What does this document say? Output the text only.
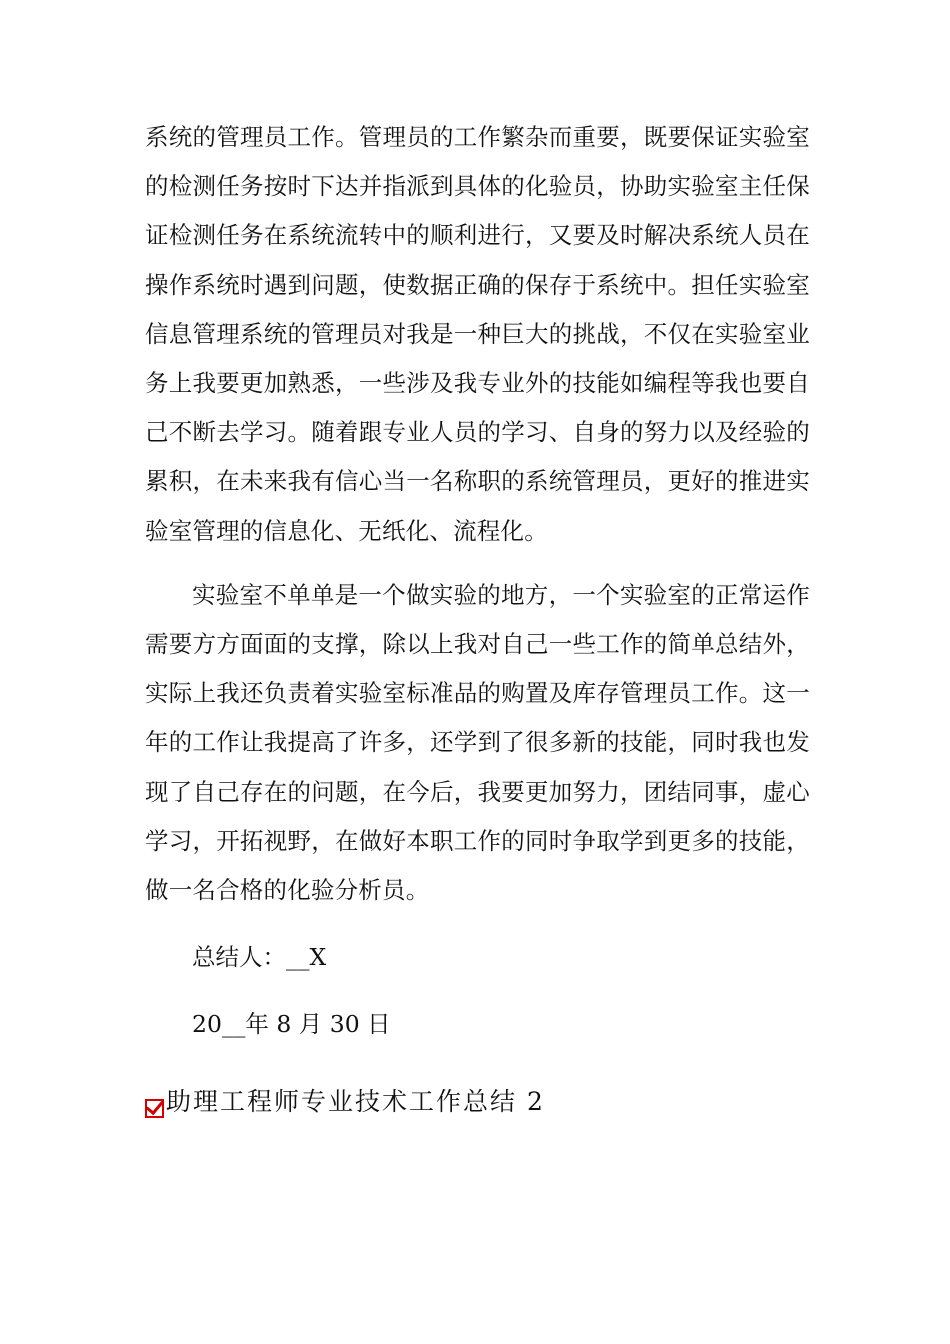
系统的管理员工作。管理员的工作繁杂而重要，既要保证实验室的检测任务按时下达并指派到具体的化验员，协助实验室主任保证检测任务在系统流转中的顺利进行，又要及时解决系统人员在操作系统时遇到问题，使数据正确的保存于系统中。担任实验室信息管理系统的管理员对我是一种巨大的挑战，不仅在实验室业务上我要更加熟悉，一些涉及我专业外的技能如编程等我也要自己不断去学习。随着跟专业人员的学习、自身的努力以及经验的累积，在未来我有信心当一名称职的系统管理员，更好的推进实验室管理的信息化、无纸化、流程化。

实验室不单单是一个做实验的地方，一个实验室的正常运作需要方方面面的支撑，除以上我对自己一些工作的简单总结外，实际上我还负责着实验室标准品的购置及库存管理员工作。这一年的工作让我提高了许多，还学到了很多新的技能，同时我也发现了自己存在的问题，在今后，我要更加努力，团结同事，虚心学习，开拓视野，在做好本职工作的同时争取学到更多的技能，做一名合格的化验分析员。

总结人：__X

20__年 8 月 30 日

助理工程师专业技术工作总结 2
